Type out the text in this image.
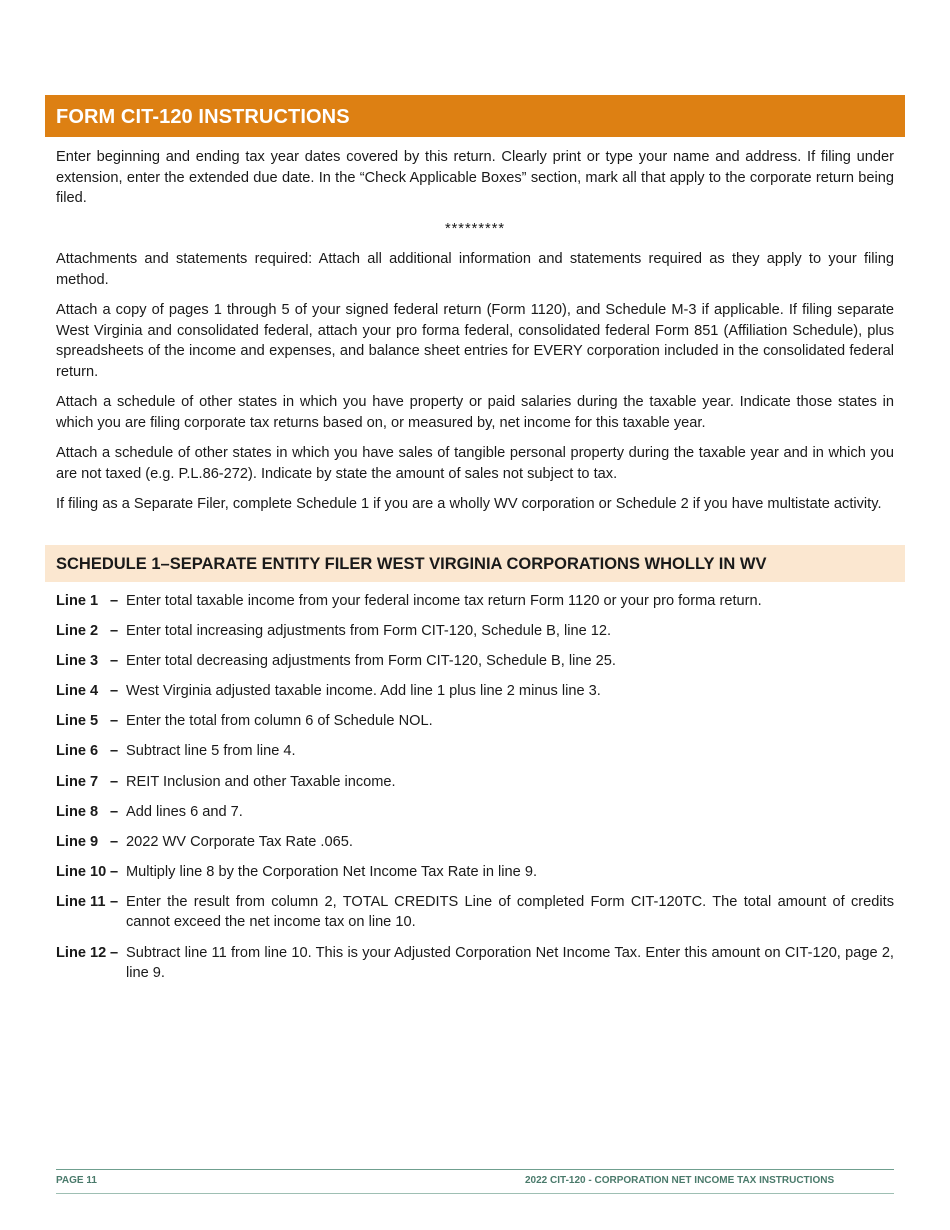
FORM CIT-120 INSTRUCTIONS

Enter beginning and ending tax year dates covered by this return. Clearly print or type your name and address. If filing under extension, enter the extended due date. In the “Check Applicable Boxes” section, mark all that apply to the corporate return being filed.

*********

Attachments and statements required: Attach all additional information and statements required as they apply to your filing method.

Attach a copy of pages 1 through 5 of your signed federal return (Form 1120), and Schedule M-3 if applicable. If filing separate West Virginia and consolidated federal, attach your pro forma federal, consolidated federal Form 851 (Affiliation Schedule), plus spreadsheets of the income and expenses, and balance sheet entries for EVERY corporation included in the consolidated federal return.

Attach a schedule of other states in which you have property or paid salaries during the taxable year. Indicate those states in which you are filing corporate tax returns based on, or measured by, net income for this taxable year.

Attach a schedule of other states in which you have sales of tangible personal property during the taxable year and in which you are not taxed (e.g. P.L.86-272). Indicate by state the amount of sales not subject to tax.

If filing as a Separate Filer, complete Schedule 1 if you are a wholly WV corporation or Schedule 2 if you have multistate activity.

SCHEDULE 1–SEPARATE ENTITY FILER WEST VIRGINIA CORPORATIONS WHOLLY IN WV
Line 1 – Enter total taxable income from your federal income tax return Form 1120 or your pro forma return.
Line 2 – Enter total increasing adjustments from Form CIT-120, Schedule B, line 12.
Line 3 – Enter total decreasing adjustments from Form CIT-120, Schedule B, line 25.
Line 4 – West Virginia adjusted taxable income. Add line 1 plus line 2 minus line 3.
Line 5 – Enter the total from column 6 of Schedule NOL.
Line 6 – Subtract line 5 from line 4.
Line 7 – REIT Inclusion and other Taxable income.
Line 8 – Add lines 6 and 7.
Line 9 – 2022 WV Corporate Tax Rate .065.
Line 10 – Multiply line 8 by the Corporation Net Income Tax Rate in line 9.
Line 11 – Enter the result from column 2, TOTAL CREDITS Line of completed Form CIT-120TC. The total amount of credits cannot exceed the net income tax on line 10.
Line 12 – Subtract line 11 from line 10. This is your Adjusted Corporation Net Income Tax. Enter this amount on CIT-120, page 2, line 9.
PAGE 11	2022 CIT-120 - CORPORATION NET INCOME TAX INSTRUCTIONS
